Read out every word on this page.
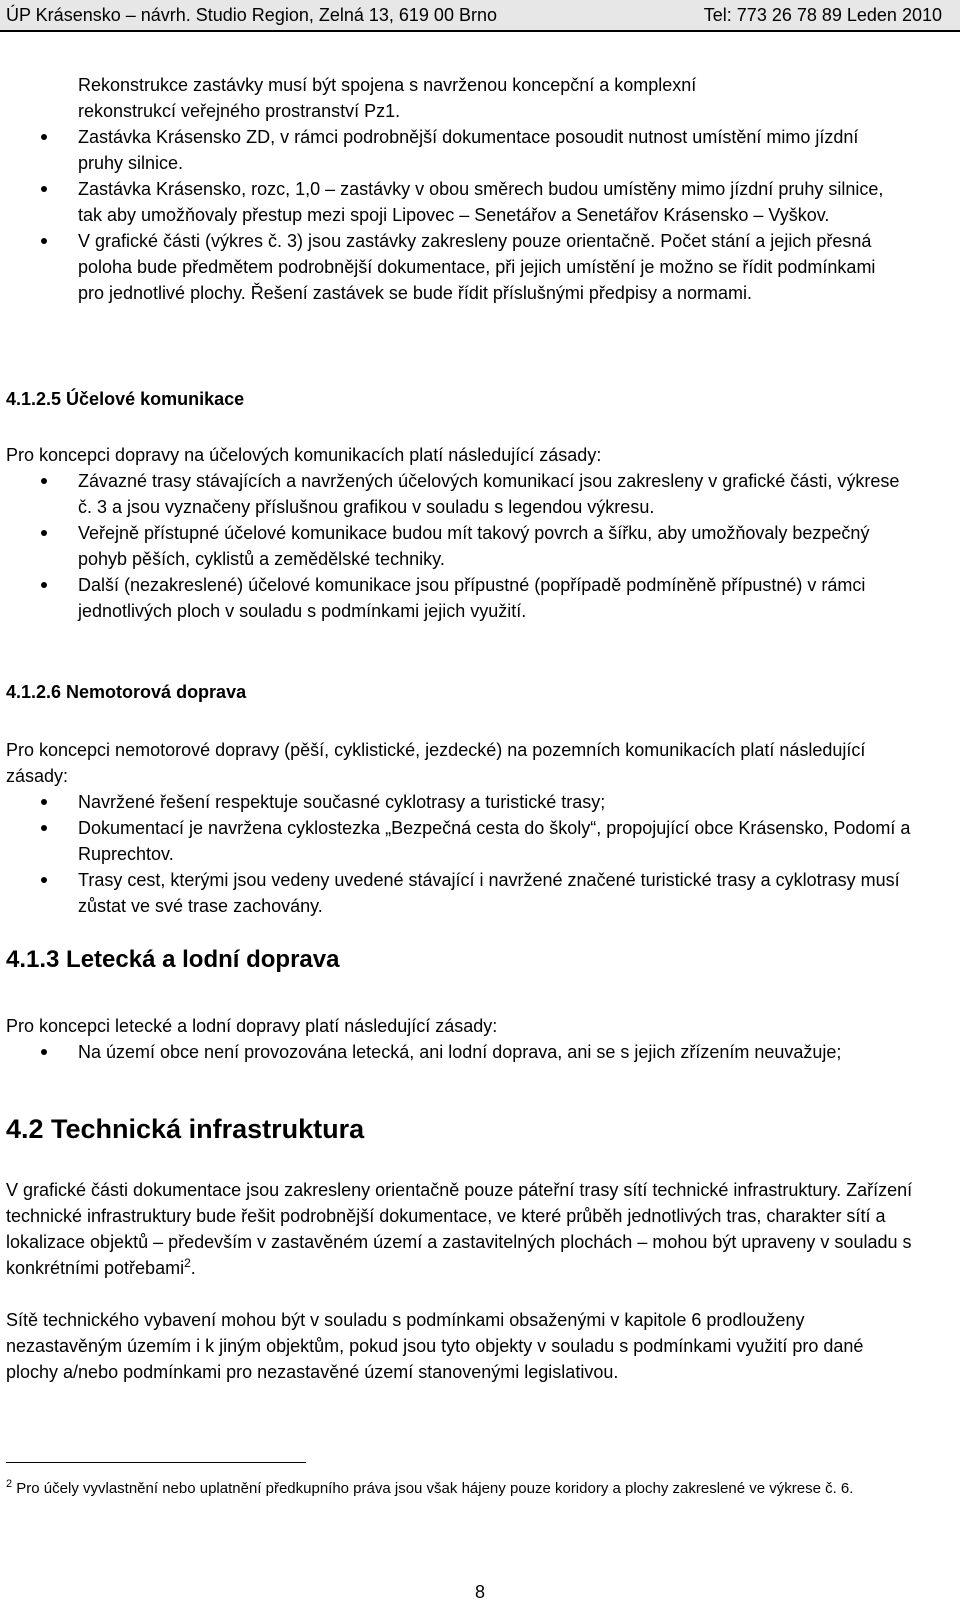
ÚP Krásensko – návrh. Studio Region, Zelná 13, 619 00 Brno	Tel: 773 26 78 89 Leden 2010

Rekonstrukce zastávky musí být spojena s navrženou koncepční a komplexní

rekonstrukcí veřejného prostranství Pz1.

Zastávka Krásensko ZD, v rámci podrobnější dokumentace posoudit nutnost umístění mimo jízdní pruhy silnice.

Zastávka Krásensko, rozc, 1,0 – zastávky v obou směrech budou umístěny mimo jízdní pruhy silnice, tak aby umožňovaly přestup mezi spoji Lipovec – Senetářov a Senetářov Krásensko – Vyškov.

V grafické části (výkres č. 3) jsou zastávky zakresleny pouze orientačně. Počet stání a jejich přesná poloha bude předmětem podrobnější dokumentace, při jejich umístění je možno se řídit podmínkami pro jednotlivé plochy. Řešení zastávek se bude řídit příslušnými předpisy a normami.

4.1.2.5 Účelové komunikace

Pro koncepci dopravy na účelových komunikacích platí následující zásady:

Závazné trasy stávajících a navržených účelových komunikací jsou zakresleny v grafické části, výkrese č. 3 a jsou vyznačeny příslušnou grafikou v souladu s legendou výkresu.

Veřejně přístupné účelové komunikace budou mít takový povrch a šířku, aby umožňovaly bezpečný pohyb pěších, cyklistů a zemědělské techniky.

Další (nezakreslené) účelové komunikace jsou přípustné (popřípadě podmíněně přípustné) v rámci jednotlivých ploch v souladu s podmínkami jejich využití.

4.1.2.6 Nemotorová doprava

Pro koncepci nemotorové dopravy (pěší, cyklistické, jezdecké) na pozemních komunikacích platí následující zásady:

Navržené řešení respektuje současné cyklotrasy a turistické trasy;

Dokumentací je navržena cyklostezka „Bezpečná cesta do školy“, propojující obce Krásensko, Podomí a Ruprechtov.

Trasy cest, kterými jsou vedeny uvedené stávající i navržené značené turistické trasy a cyklotrasy musí zůstat ve své trase zachovány.

4.1.3 Letecká a lodní doprava

Pro koncepci letecké a lodní dopravy platí následující zásady:

Na území obce není provozována letecká, ani lodní doprava, ani se s jejich zřízením neuvažuje;

4.2 Technická infrastruktura

V grafické části dokumentace jsou zakresleny orientačně pouze páteřní trasy sítí technické infrastruktury. Zařízení technické infrastruktury bude řešit podrobnější dokumentace, ve které průběh jednotlivých tras, charakter sítí a lokalizace objektů – především v zastavěném území a zastavitelných plochách – mohou být upraveny v souladu s konkrétními potřebami$^2$.

Sítě technického vybavení mohou být v souladu s podmínkami obsaženými v kapitole 6 prodlouženy nezastavěným územím i k jiným objektům, pokud jsou tyto objekty v souladu s podmínkami využití pro dané plochy a/nebo podmínkami pro nezastavěné území stanovenými legislativou.

$^2$ Pro účely vyvlastnění nebo uplatnění předkupního práva jsou však hájeny pouze koridory a plochy zakreslené ve výkrese č. 6.
8
